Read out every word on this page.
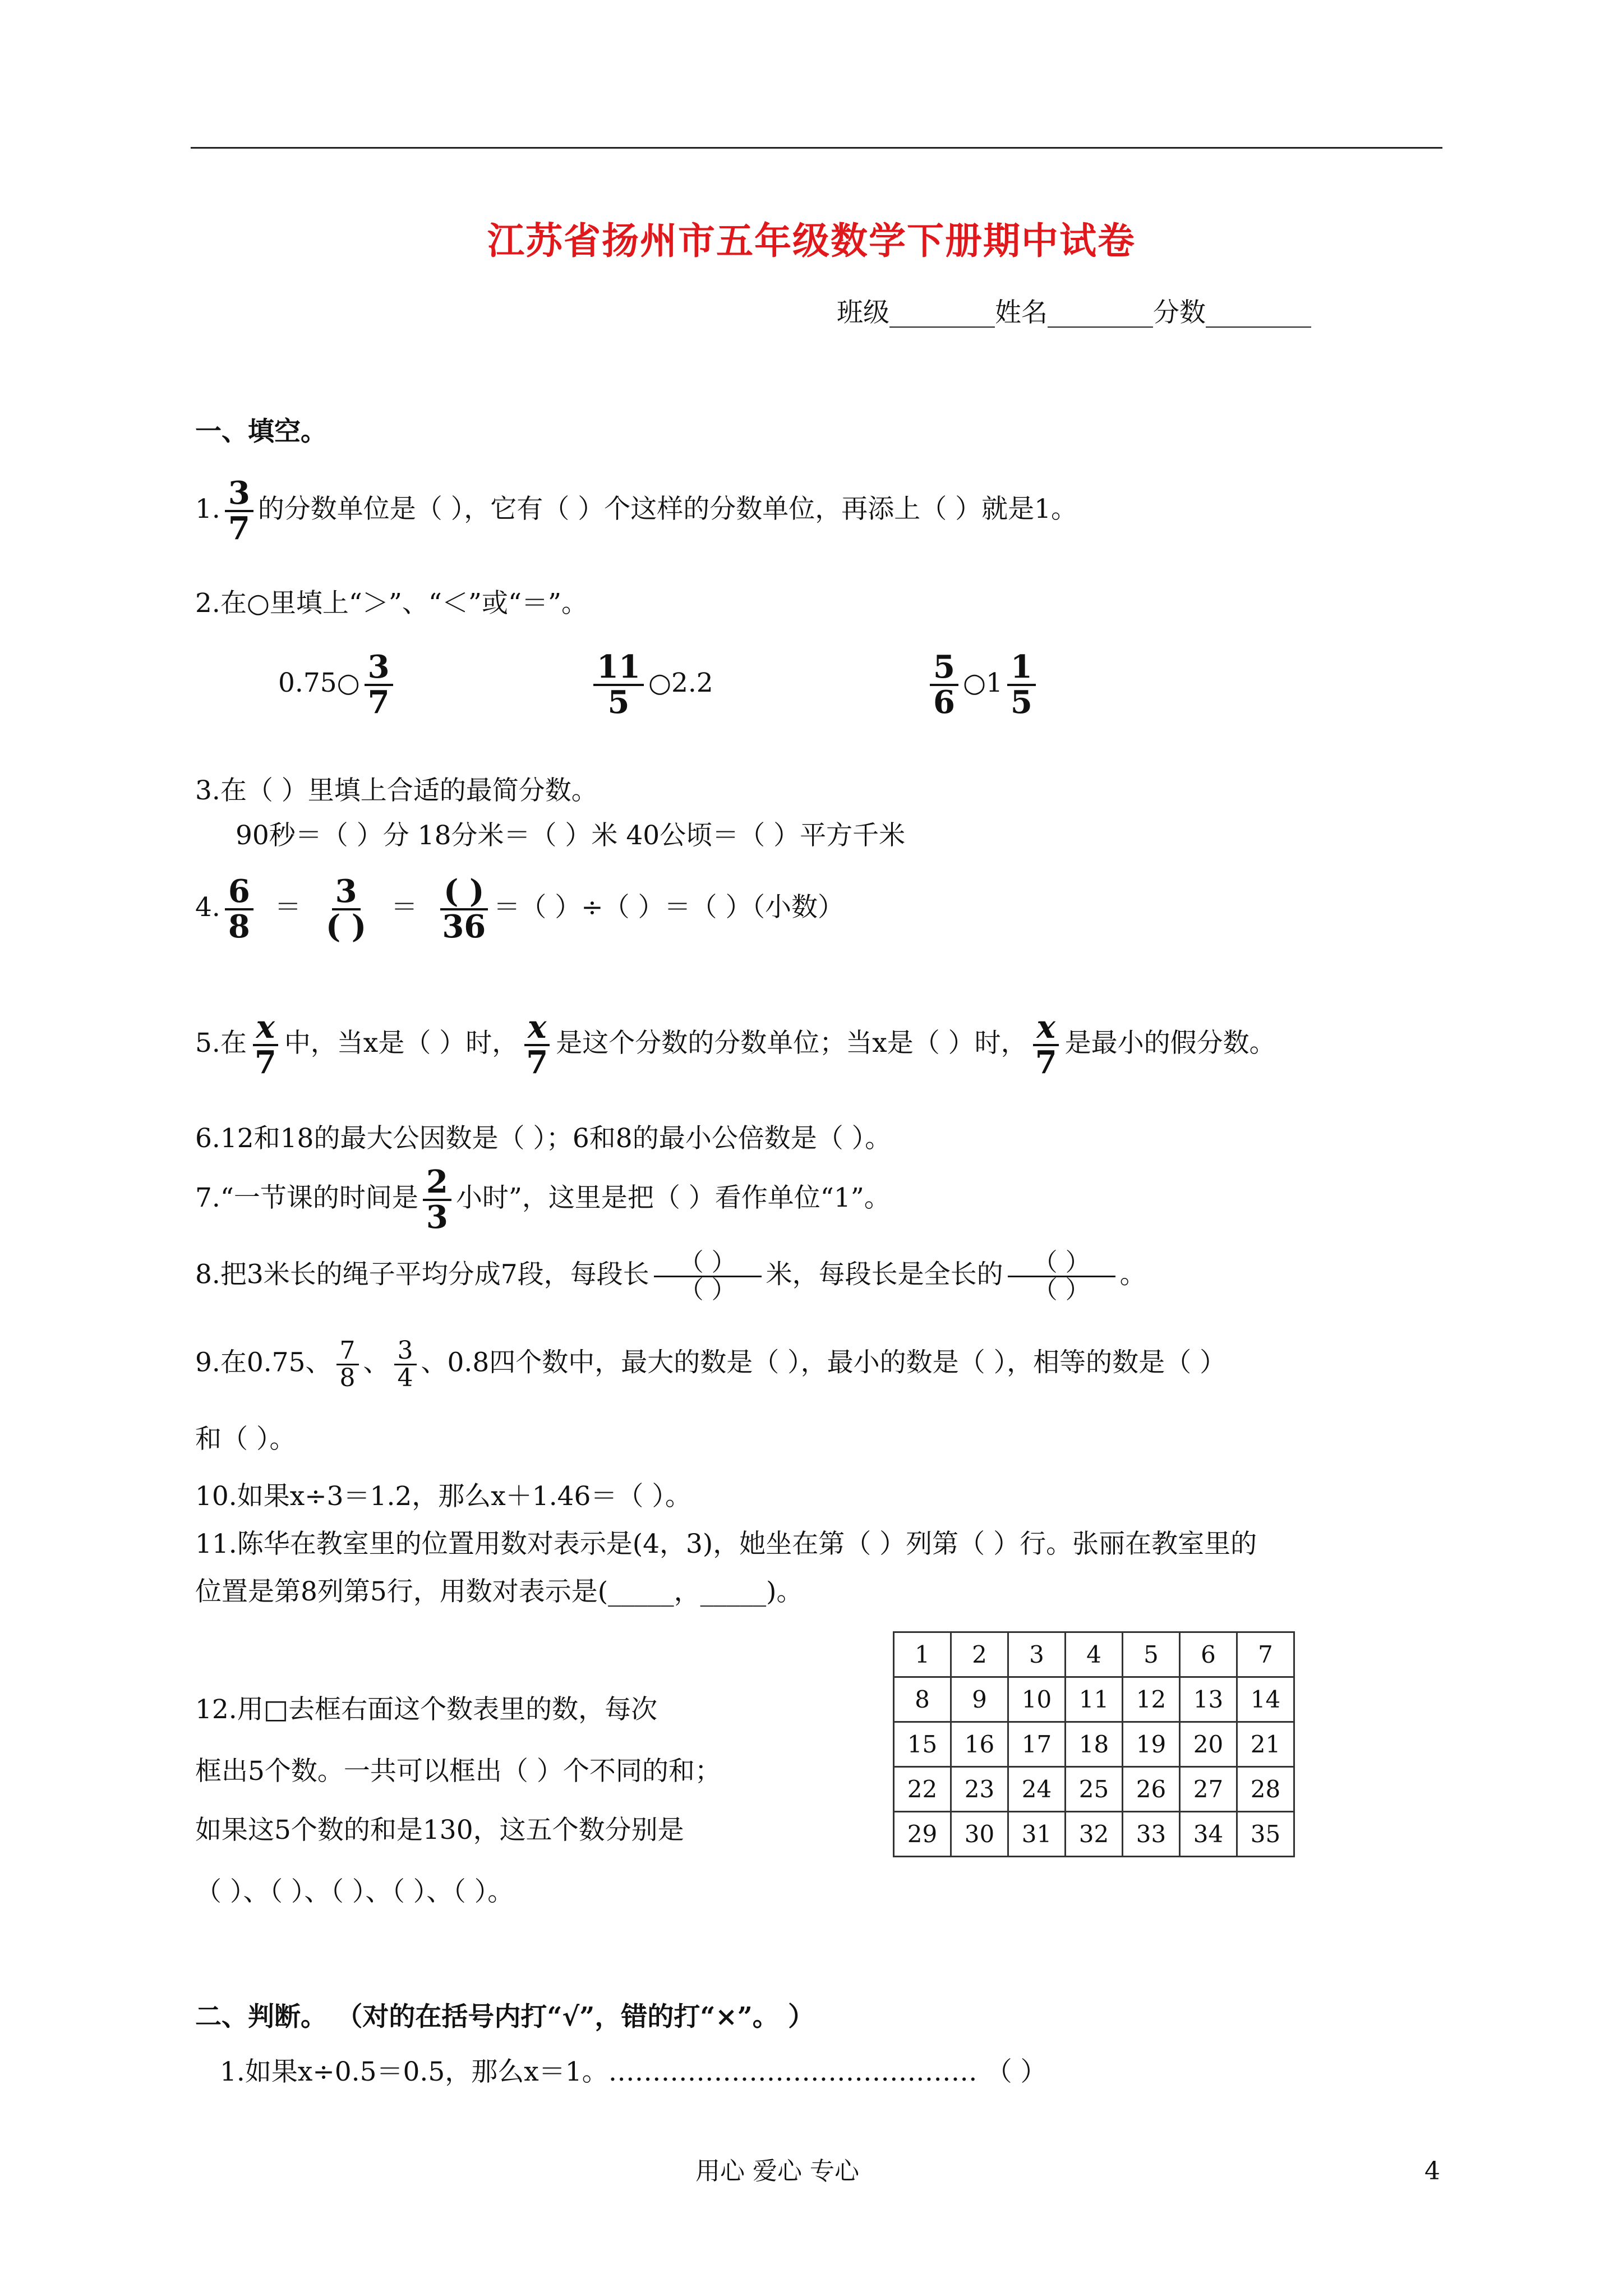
江苏省扬州市五年级数学下册期中试卷
班级________姓名________分数________
一、填空。
1. $\frac{3}{7}$ 的分数单位是（ ），它有（ ）个这样的分数单位，再添上（ ）就是1。
2.在○里填上“＞”、“＜”或“＝”。
0.75○ $\frac{3}{7}$	$\frac{11}{5}$ ○2.2	$\frac{5}{6}$ ○1 $\frac{1}{5}$
3.在（ ）里填上合适的最简分数。
90秒＝（ ）分 18分米＝（ ）米 40公顷＝（ ）平方千米
4. $\frac{6}{8} = \frac{3}{( )} = \frac{( )}{36}$ ＝（ ）÷（ ）＝（ ）（小数）
5.在 $\frac{x}{7}$ 中，当x是（ ）时， $\frac{x}{7}$ 是这个分数的分数单位；当x是（ ）时， $\frac{x}{7}$ 是最小的假分数。
6.12和18的最大公因数是（ ）；6和8的最小公倍数是（ ）。
7.“一节课的时间是 $\frac{2}{3}$ 小时”，这里是把（ ）看作单位“1”。
8.把3米长的绳子平均分成7段，每段长 $\frac{( )}{( )}$ 米，每段长是全长的 $\frac{( )}{( )}$ 。
9.在0.75、 $\frac{7}{8}$ 、 $\frac{3}{4}$ 、0.8四个数中，最大的数是（ ），最小的数是（ ），相等的数是（ ）
和（ ）。
10.如果x÷3＝1.2，那么x＋1.46＝（ ）。
11.陈华在教室里的位置用数对表示是(4，3)，她坐在第（ ）列第（ ）行。张丽在教室里的
位置是第8列第5行，用数对表示是(_____，_____)。
12.用□去框右面这个数表里的数，每次
框出5个数。一共可以框出（ ）个不同的和；
如果这5个数的和是130，这五个数分别是
（ ）、（ ）、（ ）、（ ）、（ ）。
1	2	3	4	5	6	7
8	9	10	11	12	13	14
15	16	17	18	19	20	21
22	23	24	25	26	27	28
29	30	31	32	33	34	35
二、判断。 （对的在括号内打“√”，错的打“×”。 ）
1.如果x÷0.5＝0.5，那么x＝1。…………………………………… （ ）
用心 爱心 专心	4
